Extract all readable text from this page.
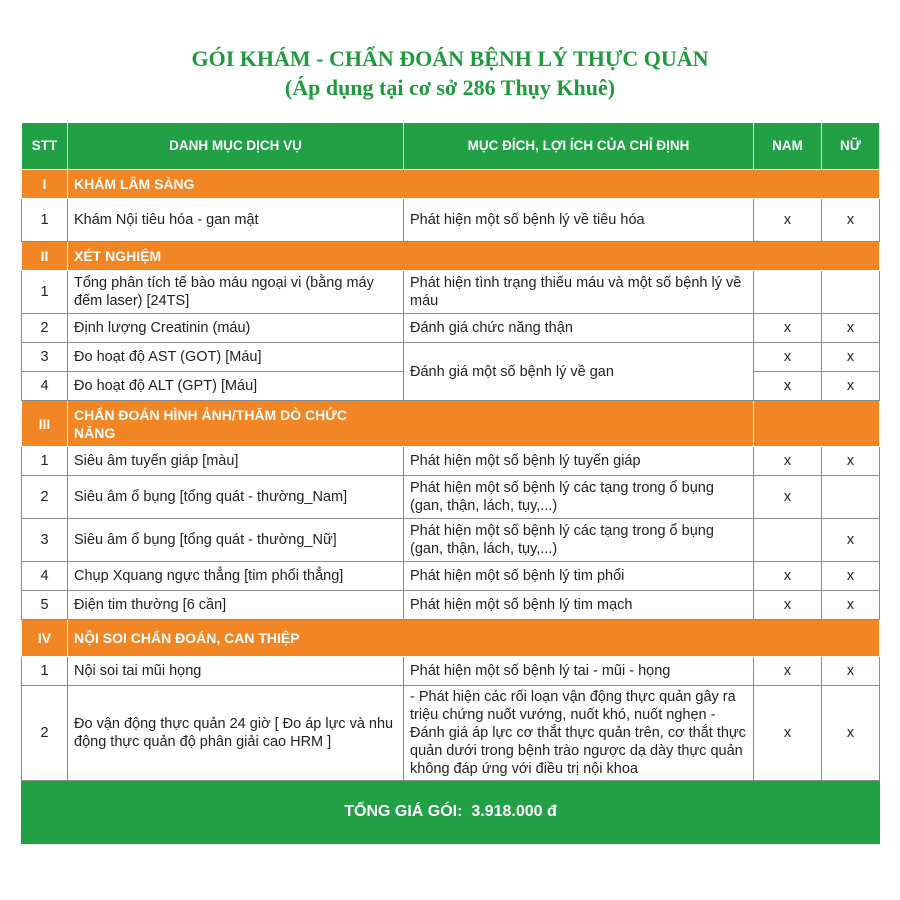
GÓI KHÁM - CHẨN ĐOÁN BỆNH LÝ THỰC QUẢN
(Áp dụng tại cơ sở 286 Thụy Khuê)
STT	DANH MỤC DỊCH VỤ	MỤC ĐÍCH, LỢI ÍCH CỦA CHỈ ĐỊNH	NAM	NỮ
I	KHÁM LÂM SÀNG			
1	Khám Nội tiêu hóa - gan mật	Phát hiện một số bệnh lý về tiêu hóa	x	x
II	XÉT NGHIỆM			
1	Tổng phân tích tế bào máu ngoại vi (bằng máy đếm laser) [24TS]	Phát hiện tình trạng thiếu máu và một số bệnh lý về máu		
2	Định lượng Creatinin (máu)	Đánh giá chức năng thận	x	x
3	Đo hoạt độ AST (GOT) [Máu]	Đánh giá một số bệnh lý về gan	x	x
4	Đo hoạt độ ALT (GPT) [Máu]		x	x
III	CHẨN ĐOÁN HÌNH ẢNH/THĂM DÒ CHỨC NĂNG			

1	Siêu âm tuyến giáp [màu]	Phát hiện một số bệnh lý tuyến giáp	x	x
2	Siêu âm ổ bụng [tổng quát - thường_Nam]	Phát hiện một số bệnh lý các tạng trong ổ bụng (gan, thận, lách, tụy,...)	x	
3	Siêu âm ổ bụng [tổng quát - thường_Nữ]	Phát hiện một số bệnh lý các tạng trong ổ bụng (gan, thận, lách, tụy,...)		x
4	Chụp Xquang ngực thẳng [tim phổi thẳng]	Phát hiện một số bệnh lý tim phổi	x	x
5	Điện tim thường [6 cần]	Phát hiện một số bệnh lý tim mạch	x	x
IV	NỘI SOI CHẨN ĐOÁN, CAN THIỆP			
1	Nội soi tai mũi họng	Phát hiện một số bệnh lý tai - mũi - họng	x	x
2	Đo vận động thực quản 24 giờ [ Đo áp lực và nhu động thực quản độ phân giải cao HRM ]	- Phát hiện các rối loạn vận động thực quản gây ra triệu chứng nuốt vướng, nuốt khó, nuốt nghẹn - Đánh giá áp lực cơ thắt thực quản trên, cơ thắt thực quản dưới trong bệnh trào ngược dạ dày thực quản không đáp ứng với điều trị nội khoa	x	x
TỔNG GIÁ GÓI: 3.918.000 đ				
